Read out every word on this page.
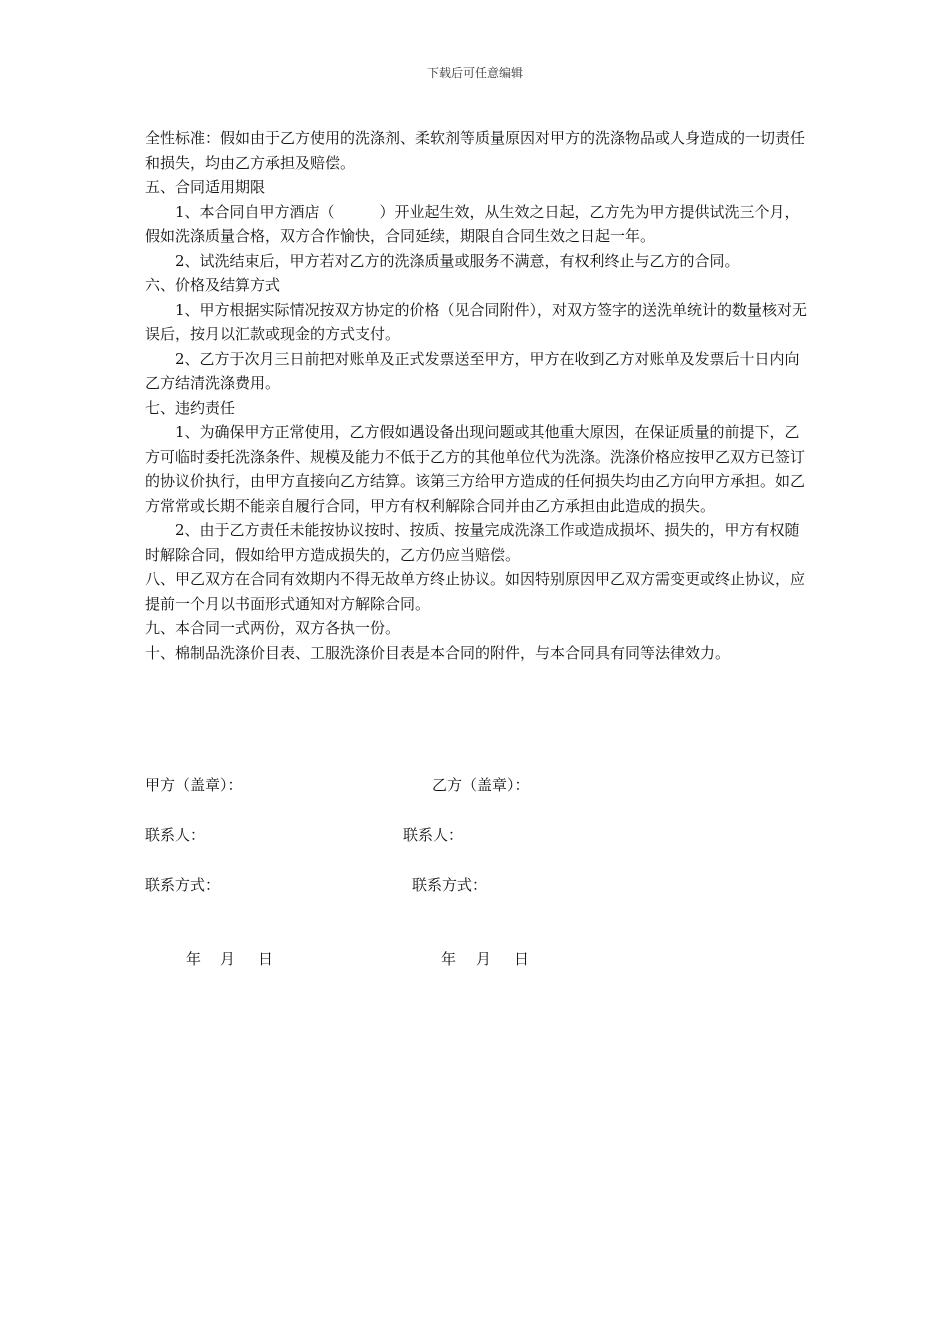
下载后可任意编辑

全性标准：假如由于乙方使用的洗涤剂、柔软剂等质量原因对甲方的洗涤物品或人身造成的一切责任和损失，均由乙方承担及赔偿。

五、合同适用期限

1、本合同自甲方酒店（　　　）开业起生效，从生效之日起，乙方先为甲方提供试洗三个月，假如洗涤质量合格，双方合作愉快，合同延续，期限自合同生效之日起一年。

2、试洗结束后，甲方若对乙方的洗涤质量或服务不满意，有权利终止与乙方的合同。

六、价格及结算方式

1、甲方根据实际情况按双方协定的价格（见合同附件），对双方签字的送洗单统计的数量核对无误后，按月以汇款或现金的方式支付。

2、乙方于次月三日前把对账单及正式发票送至甲方，甲方在收到乙方对账单及发票后十日内向乙方结清洗涤费用。

七、违约责任

1、为确保甲方正常使用，乙方假如遇设备出现问题或其他重大原因，在保证质量的前提下，乙方可临时委托洗涤条件、规模及能力不低于乙方的其他单位代为洗涤。洗涤价格应按甲乙双方已签订的协议价执行，由甲方直接向乙方结算。该第三方给甲方造成的任何损失均由乙方向甲方承担。如乙方常常或长期不能亲自履行合同，甲方有权利解除合同并由乙方承担由此造成的损失。

2、由于乙方责任未能按协议按时、按质、按量完成洗涤工作或造成损坏、损失的，甲方有权随时解除合同，假如给甲方造成损失的，乙方仍应当赔偿。

八、甲乙双方在合同有效期内不得无故单方终止协议。如因特别原因甲乙双方需变更或终止协议，应提前一个月以书面形式通知对方解除合同。

九、本合同一式两份，双方各执一份。

十、棉制品洗涤价目表、工服洗涤价目表是本合同的附件，与本合同具有同等法律效力。

甲方（盖章）：	乙方（盖章）：
联系人：	联系人：
联系方式：	联系方式：
年 月 日	年 月 日
